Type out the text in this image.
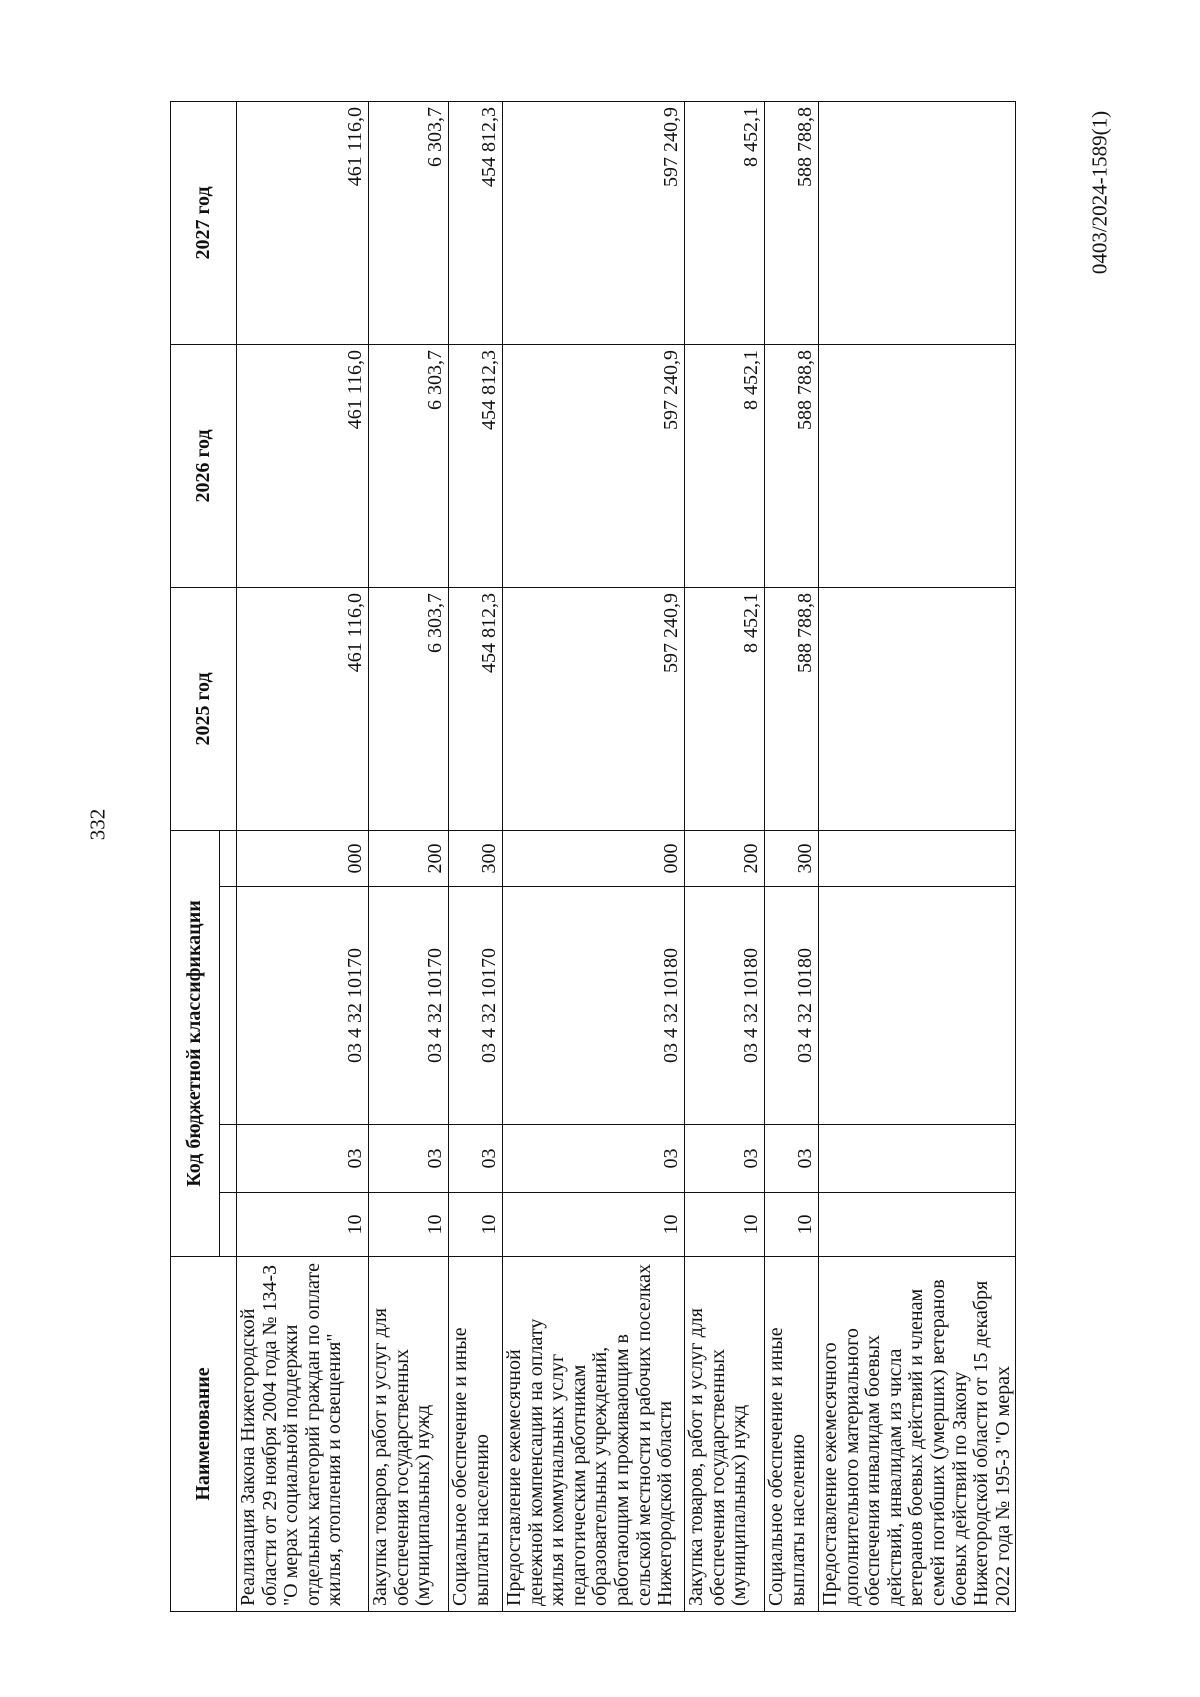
332
0403/2024-1589(1)
Наименование	Код бюджетной классификации				2025 год	2026 год	2027 год

Реализация Закона Нижегородской области от 29 ноября 2004 года № 134-З "О мерах социальной поддержки отдельных категорий граждан по оплате жилья, отопления и освещения"	10	03	03 4 32 10170	000	461 116,0	461 116,0	461 116,0
Закупка товаров, работ и услуг для обеспечения государственных (муниципальных) нужд	10	03	03 4 32 10170	200	6 303,7	6 303,7	6 303,7
Социальное обеспечение и иные выплаты населению	10	03	03 4 32 10170	300	454 812,3	454 812,3	454 812,3
Предоставление ежемесячной денежной компенсации на оплату жилья и коммунальных услуг педагогическим работникам образовательных учреждений, работающим и проживающим в сельской местности и рабочих поселках Нижегородской области	10	03	03 4 32 10180	000	597 240,9	597 240,9	597 240,9
Закупка товаров, работ и услуг для обеспечения государственных (муниципальных) нужд	10	03	03 4 32 10180	200	8 452,1	8 452,1	8 452,1
Социальное обеспечение и иные выплаты населению	10	03	03 4 32 10180	300	588 788,8	588 788,8	588 788,8
Предоставление ежемесячного дополнительного материального обеспечения инвалидам боевых действий, инвалидам из числа ветеранов боевых действий и членам семей погибших (умерших) ветеранов боевых действий по Закону Нижегородской области от 15 декабря 2022 года № 195-З "О мерах							
